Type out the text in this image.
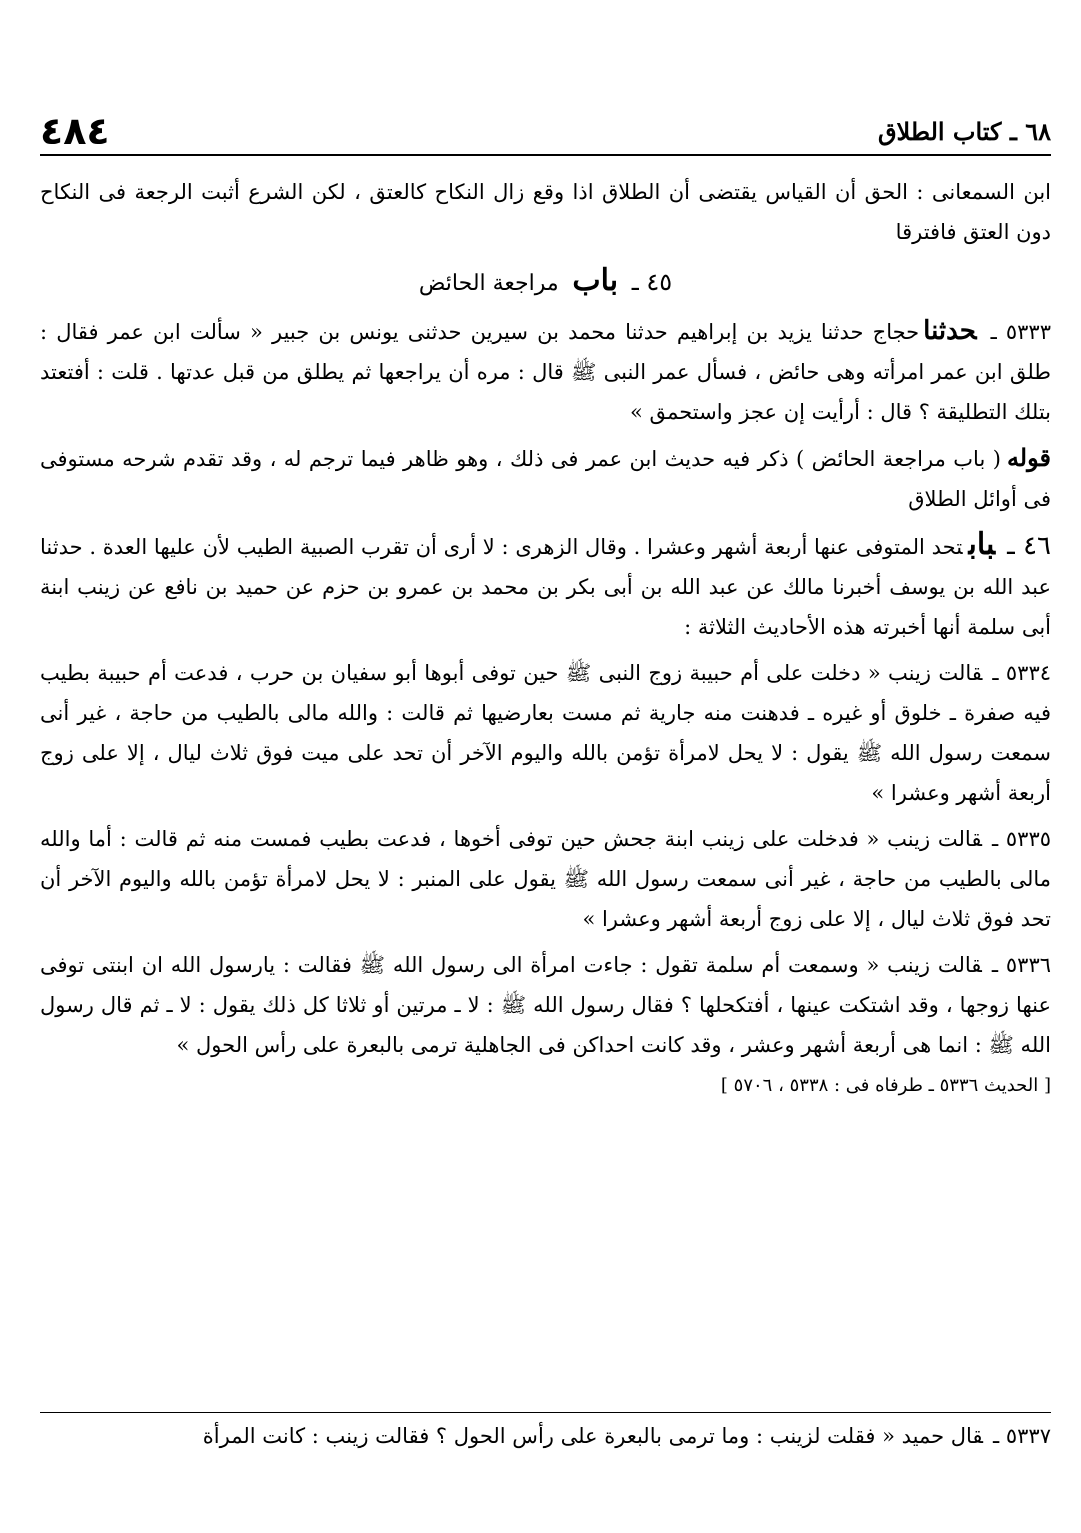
٤٨٤	٦٨ ـ كتاب الطلاق

ابن السمعانى : الحق أن القياس يقتضى أن الطلاق اذا وقع زال النكاح كالعتق ، لكن الشرع أثبت الرجعة فى النكاح دون العتق فافترقا

٤٥ ـ باب مراجعة الحائض

٥٣٣٣ ـحدثناحجاج حدثنا يزيد بن إبراهيم حدثنا محمد بن سيرين حدثنى يونس بن جبير « سألت ابن عمر فقال : طلق ابن عمر امرأته وهى حائض ، فسأل عمر النبى ﷺ قال : مره أن يراجعها ثم يطلق من قبل عدتها . قلت : أفتعتد بتلك التطليقة ؟ قال : أرأيت إن عجز واستحمق »

قوله( باب مراجعة الحائض ) ذكر فيه حديث ابن عمر فى ذلك ، وهو ظاهر فيما ترجم له ، وقد تقدم شرحه مستوفى فى أوائل الطلاق

٤٦ ـبابتحد المتوفى عنها أربعة أشهر وعشرا . وقال الزهرى : لا أرى أن تقرب الصبية الطيب لأن عليها العدة . حدثنا عبد الله بن يوسف أخبرنا مالك عن عبد الله بن أبى بكر بن محمد بن عمرو بن حزم عن حميد بن نافع عن زينب ابنة أبى سلمة أنها أخبرته هذه الأحاديث الثلاثة :

٥٣٣٤ ـقالت زينب « دخلت على أم حبيبة زوج النبى ﷺ حين توفى أبوها أبو سفيان بن حرب ، فدعت أم حبيبة بطيب فيه صفرة ـ خلوق أو غيره ـ فدهنت منه جارية ثم مست بعارضيها ثم قالت : والله مالى بالطيب من حاجة ، غير أنى سمعت رسول الله ﷺ يقول : لا يحل لامرأة تؤمن بالله واليوم الآخر أن تحد على ميت فوق ثلاث ليال ، إلا على زوج أربعة أشهر وعشرا »

٥٣٣٥ ـقالت زينب « فدخلت على زينب ابنة جحش حين توفى أخوها ، فدعت بطيب فمست منه ثم قالت : أما والله مالى بالطيب من حاجة ، غير أنى سمعت رسول الله ﷺ يقول على المنبر : لا يحل لامرأة تؤمن بالله واليوم الآخر أن تحد فوق ثلاث ليال ، إلا على زوج أربعة أشهر وعشرا »

٥٣٣٦ ـقالت زينب « وسمعت أم سلمة تقول : جاءت امرأة الى رسول الله ﷺ فقالت : يارسول الله ان ابنتى توفى عنها زوجها ، وقد اشتكت عينها ، أفتكحلها ؟ فقال رسول الله ﷺ : لا ـ مرتين أو ثلاثا كل ذلك يقول : لا ـ ثم قال رسول الله ﷺ : انما هى أربعة أشهر وعشر ، وقد كانت احداكن فى الجاهلية ترمى بالبعرة على رأس الحول »

[ الحديث ٥٣٣٦ ـ طرفاه فى : ٥٣٣٨ ، ٥٧٠٦ ]

٥٣٣٧ ـقال حميد « فقلت لزينب : وما ترمى بالبعرة على رأس الحول ؟ فقالت زينب : كانت المرأة
